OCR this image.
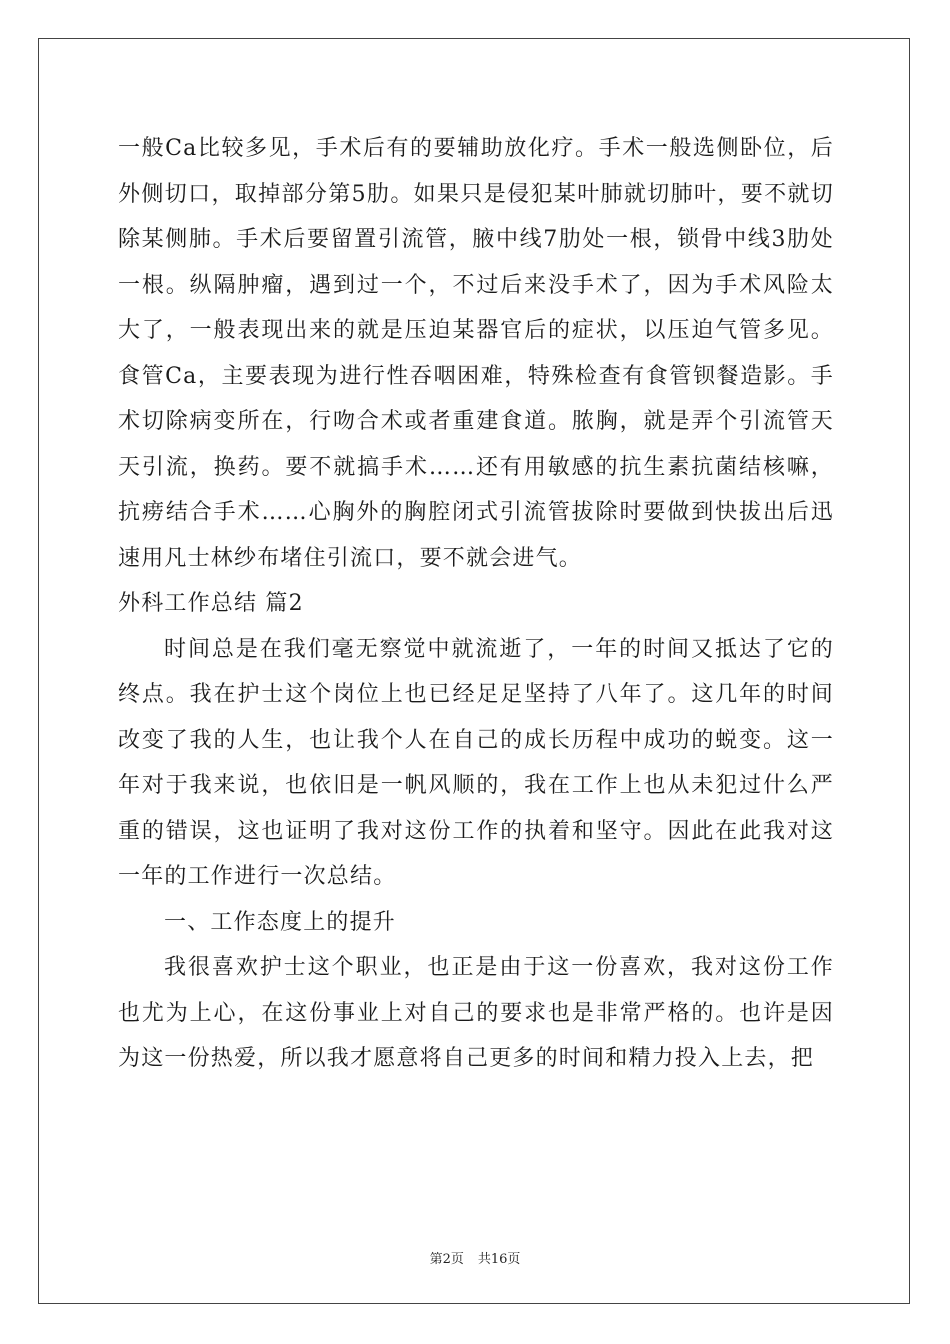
一般Ca比较多见，手术后有的要辅助放化疗。手术一般选侧卧位，后外侧切口，取掉部分第5肋。如果只是侵犯某叶肺就切肺叶，要不就切除某侧肺。手术后要留置引流管，腋中线7肋处一根，锁骨中线3肋处一根。纵隔肿瘤，遇到过一个，不过后来没手术了，因为手术风险太大了，一般表现出来的就是压迫某器官后的症状，以压迫气管多见。食管Ca，主要表现为进行性吞咽困难，特殊检查有食管钡餐造影。手术切除病变所在，行吻合术或者重建食道。脓胸，就是弄个引流管天天引流，换药。要不就搞手术……还有用敏感的抗生素抗菌结核嘛，抗痨结合手术……心胸外的胸腔闭式引流管拔除时要做到快拔出后迅速用凡士林纱布堵住引流口，要不就会进气。

外科工作总结 篇2

时间总是在我们毫无察觉中就流逝了，一年的时间又抵达了它的终点。我在护士这个岗位上也已经足足坚持了八年了。这几年的时间改变了我的人生，也让我个人在自己的成长历程中成功的蜕变。这一年对于我来说，也依旧是一帆风顺的，我在工作上也从未犯过什么严重的错误，这也证明了我对这份工作的执着和坚守。因此在此我对这一年的工作进行一次总结。

一、工作态度上的提升

我很喜欢护士这个职业，也正是由于这一份喜欢，我对这份工作也尤为上心，在这份事业上对自己的要求也是非常严格的。也许是因为这一份热爱，所以我才愿意将自己更多的时间和精力投入上去，把

第2页 共16页
